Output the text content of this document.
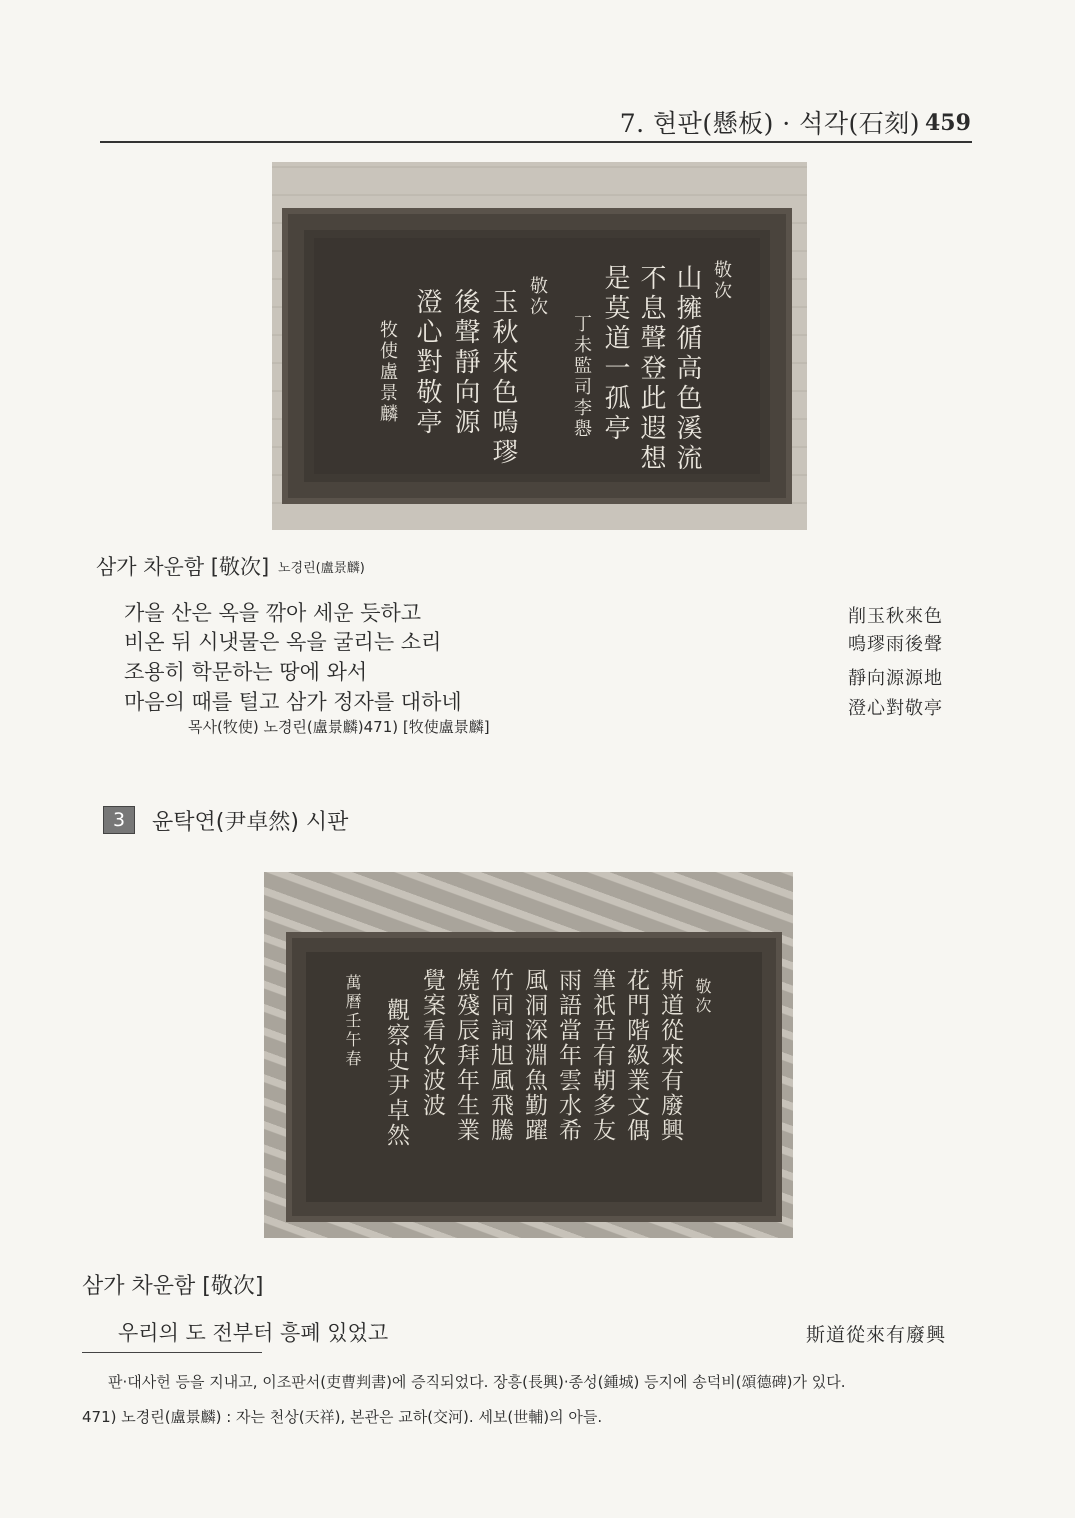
7. 현판(懸板) · 석각(石刻) 459
敬次
山擁循高色溪流
不息聲登此遐想
是莫道一孤亭
丁未監司李㦛
敬次
玉秋來色鳴璆
後聲靜向源
澄心對敬亭
牧使盧景麟
삼가 차운함 [敬次] 노경린(盧景麟)
가을 산은 옥을 깎아 세운 듯하고
비온 뒤 시냇물은 옥을 굴리는 소리
조용히 학문하는 땅에 와서
마음의 때를 털고 삼가 정자를 대하네
목사(牧使) 노경린(盧景麟)471) [牧使盧景麟]
削玉秋來色
鳴璆雨後聲
靜向源源地
澄心對敬亭
3	윤탁연(尹卓然) 시판
敬次
斯道從來有廢興
花門階級業文偶
筆祇吾有朝多友
雨語當年雲水希
風洞深淵魚勤躍
竹同詞旭風飛騰
燒殘辰拜年生業
覺案看次波波
觀察史尹卓然
萬曆壬午春
삼가 차운함 [敬次]
우리의 도 전부터 흥폐 있었고	斯道從來有廢興
판·대사헌 등을 지내고, 이조판서(吏曹判書)에 증직되었다. 장흥(長興)·종성(鍾城) 등지에 송덕비(頌德碑)가 있다.
471) 노경린(盧景麟) : 자는 천상(天祥), 본관은 교하(交河). 세보(世輔)의 아들.
